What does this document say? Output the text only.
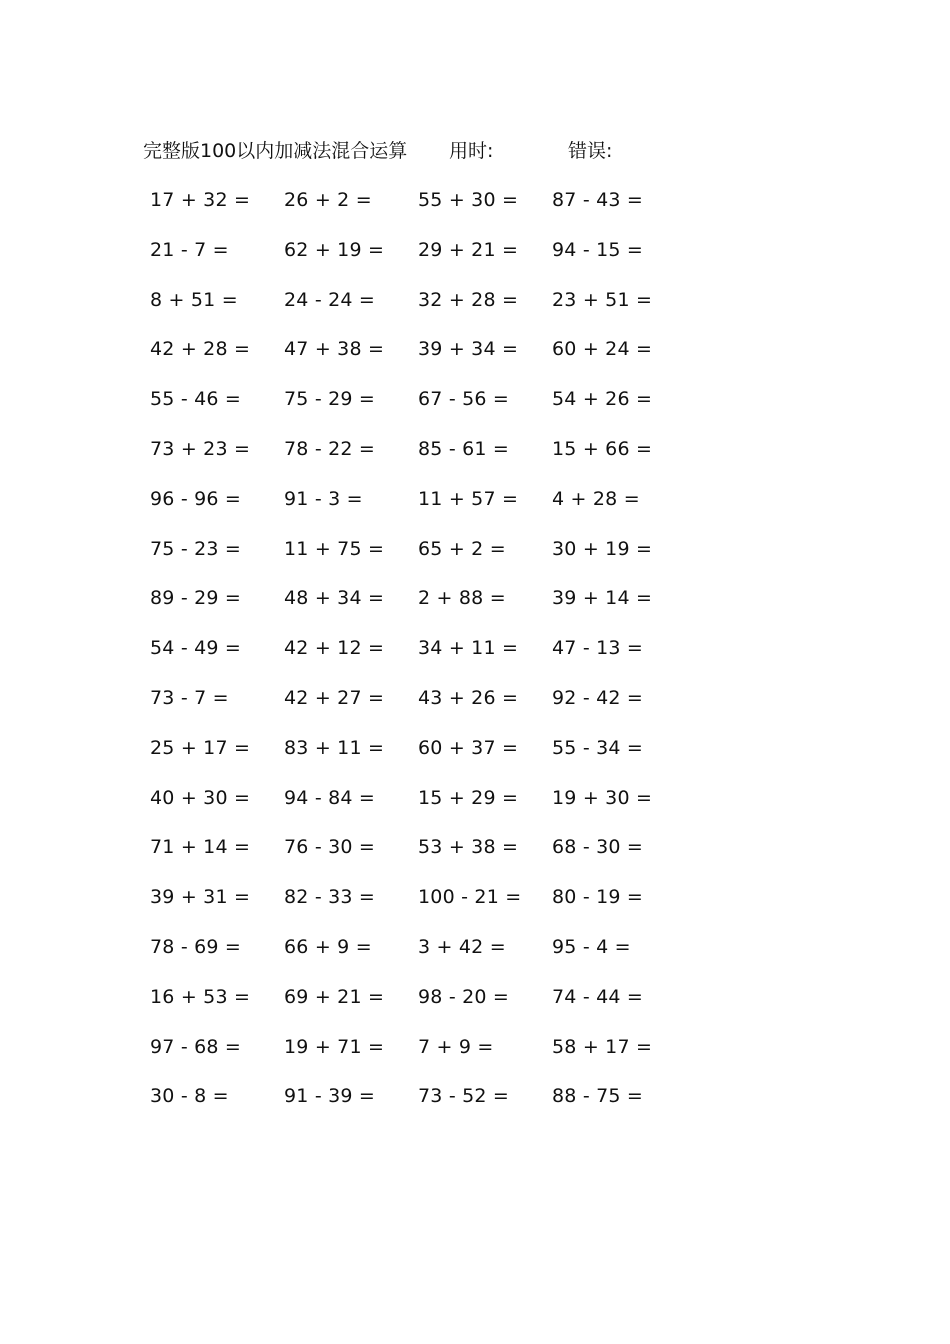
完整版100以内加减法混合运算 用时:	错误:
17 + 32 = 26 + 2 = 55 + 30 = 87 - 43 =
21 - 7 =	62 + 19 = 29 + 21 = 94 - 15 =
8 + 51 = 24 - 24 = 32 + 28 = 23 + 51 =
42 + 28 = 47 + 38 = 39 + 34 = 60 + 24 =
55 - 46 = 75 - 29 = 67 - 56 = 54 + 26 =
73 + 23 = 78 - 22 = 85 - 61 = 15 + 66 =
96 - 96 = 91 - 3 =	11 + 57 = 4 + 28 =
75 - 23 = 11 + 75 = 65 + 2 = 30 + 19 =
89 - 29 = 48 + 34 = 2 + 88 = 39 + 14 =
54 - 49 = 42 + 12 = 34 + 11 = 47 - 13 =
73 - 7 =	42 + 27 = 43 + 26 = 92 - 42 =
25 + 17 = 83 + 11 = 60 + 37 = 55 - 34 =
40 + 30 = 94 - 84 = 15 + 29 = 19 + 30 =
71 + 14 = 76 - 30 = 53 + 38 = 68 - 30 =
39 + 31 = 82 - 33 = 100 - 21 = 80 - 19 =
78 - 69 = 66 + 9 = 3 + 42 = 95 - 4 =
16 + 53 = 69 + 21 = 98 - 20 = 74 - 44 =
97 - 68 = 19 + 71 = 7 + 9 =	58 + 17 =
30 - 8 =	91 - 39 = 73 - 52 = 88 - 75 =
